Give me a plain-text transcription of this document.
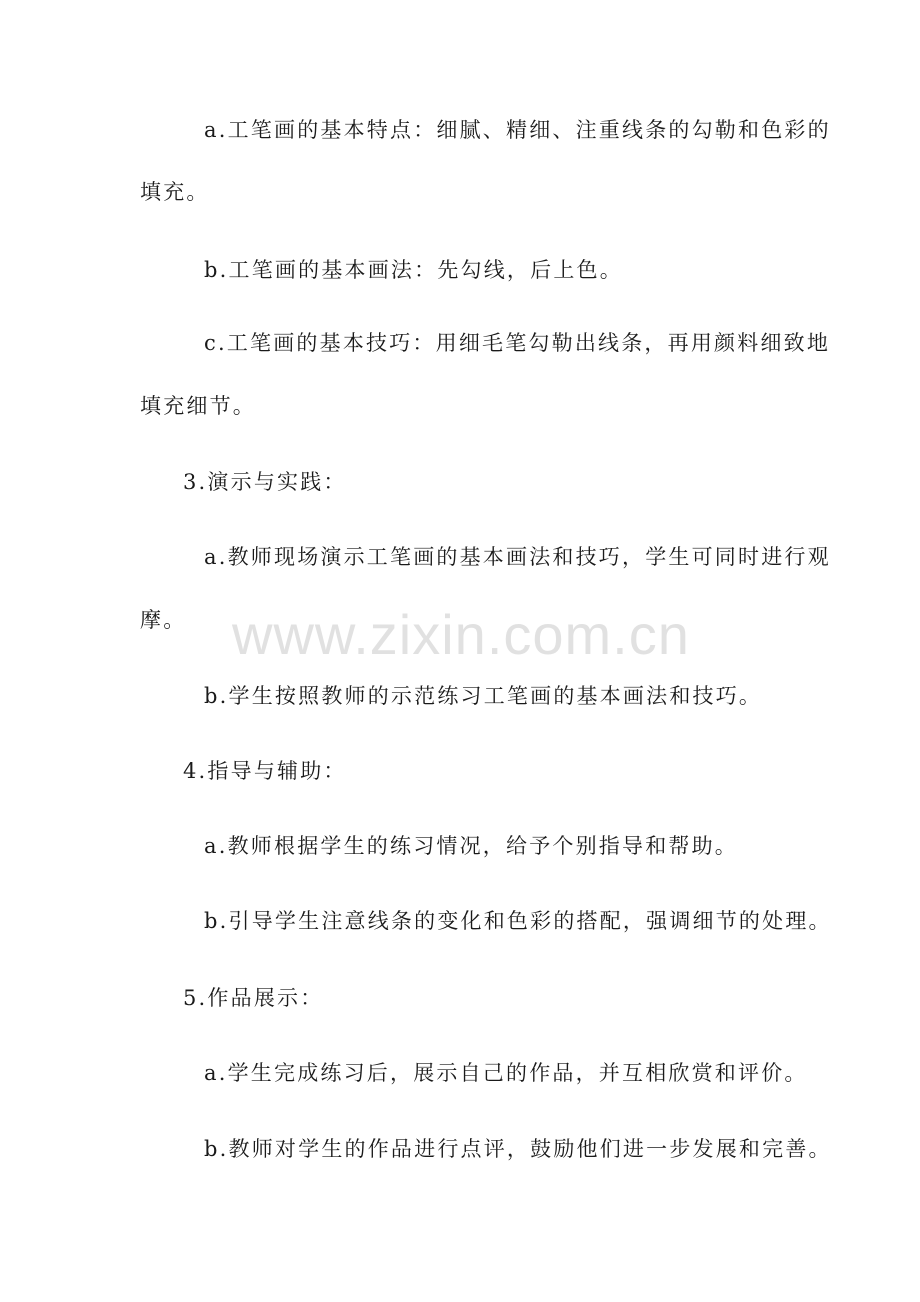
a.工笔画的基本特点：细腻、精细、注重线条的勾勒和色彩的
填充。
b.工笔画的基本画法：先勾线，后上色。
c.工笔画的基本技巧：用细毛笔勾勒出线条，再用颜料细致地
填充细节。
3.演示与实践：
a.教师现场演示工笔画的基本画法和技巧，学生可同时进行观
摩。
b.学生按照教师的示范练习工笔画的基本画法和技巧。
4.指导与辅助：
a.教师根据学生的练习情况，给予个别指导和帮助。
b.引导学生注意线条的变化和色彩的搭配，强调细节的处理。
5.作品展示：
a.学生完成练习后，展示自己的作品，并互相欣赏和评价。
b.教师对学生的作品进行点评，鼓励他们进一步发展和完善。
www.zixin.com.cn
